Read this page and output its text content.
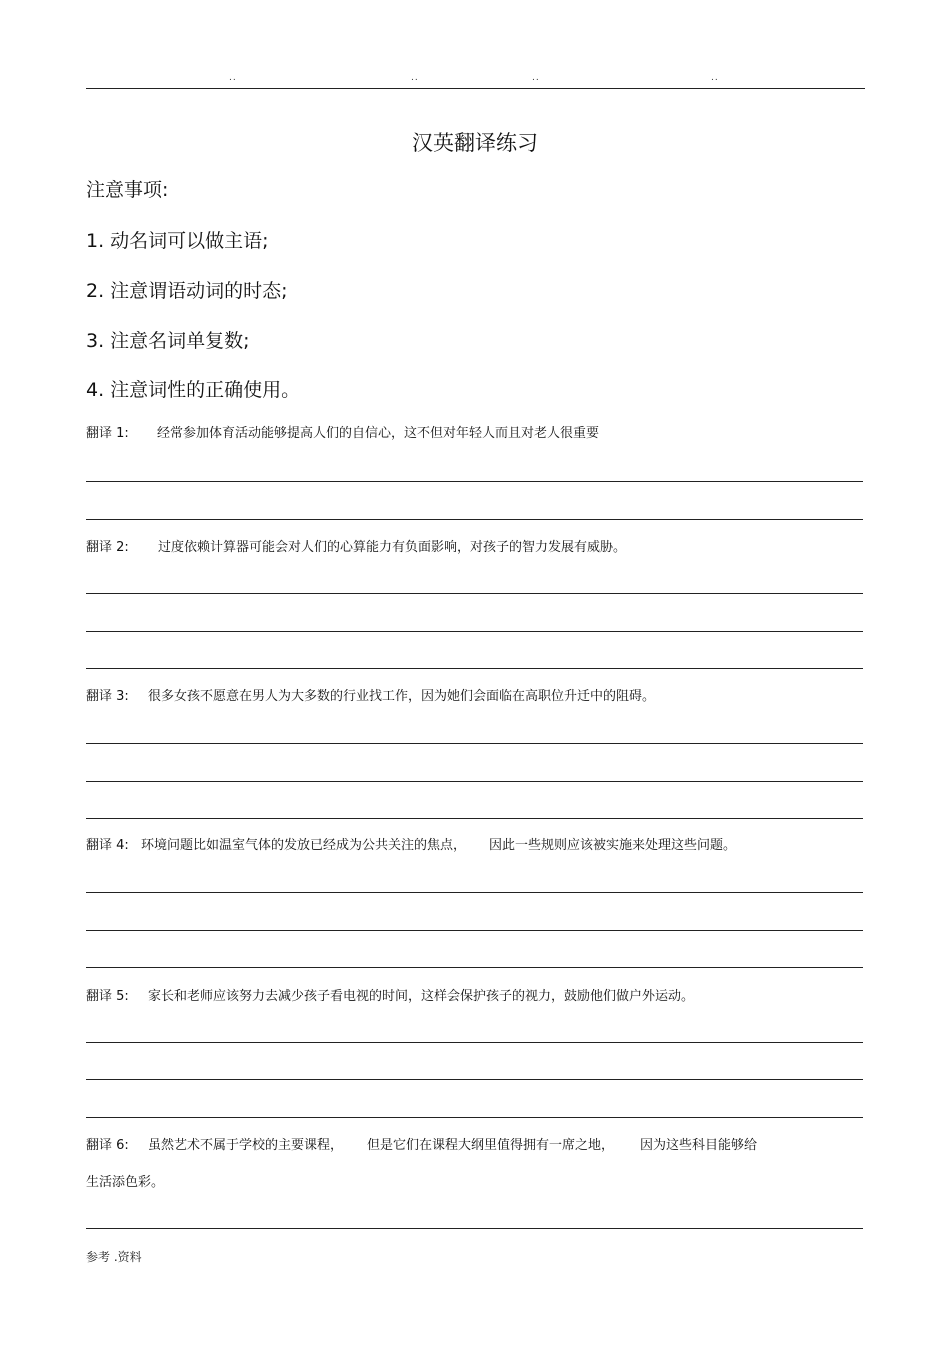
..	..	..	..
汉英翻译练习
注意事项:
1. 动名词可以做主语;
2. 注意谓语动词的时态;
3. 注意名词单复数;
4. 注意词性的正确使用。
翻译 1: 经常参加体育活动能够提高人们的自信心，这不但对年轻人而且对老人很重要
翻译 2: 过度依赖计算器可能会对人们的心算能力有负面影响，对孩子的智力发展有威胁。
翻译 3: 很多女孩不愿意在男人为大多数的行业找工作，因为她们会面临在高职位升迁中的阻碍。
翻译 4: 环境问题比如温室气体的发放已经成为公共关注的焦点， 因此一些规则应该被实施来处理这些问题。
翻译 5: 家长和老师应该努力去减少孩子看电视的时间，这样会保护孩子的视力，鼓励他们做户外运动。
翻译 6: 虽然艺术不属于学校的主要课程， 但是它们在课程大纲里值得拥有一席之地， 因为这些科目能够给
生活添色彩。
参考 .资料
